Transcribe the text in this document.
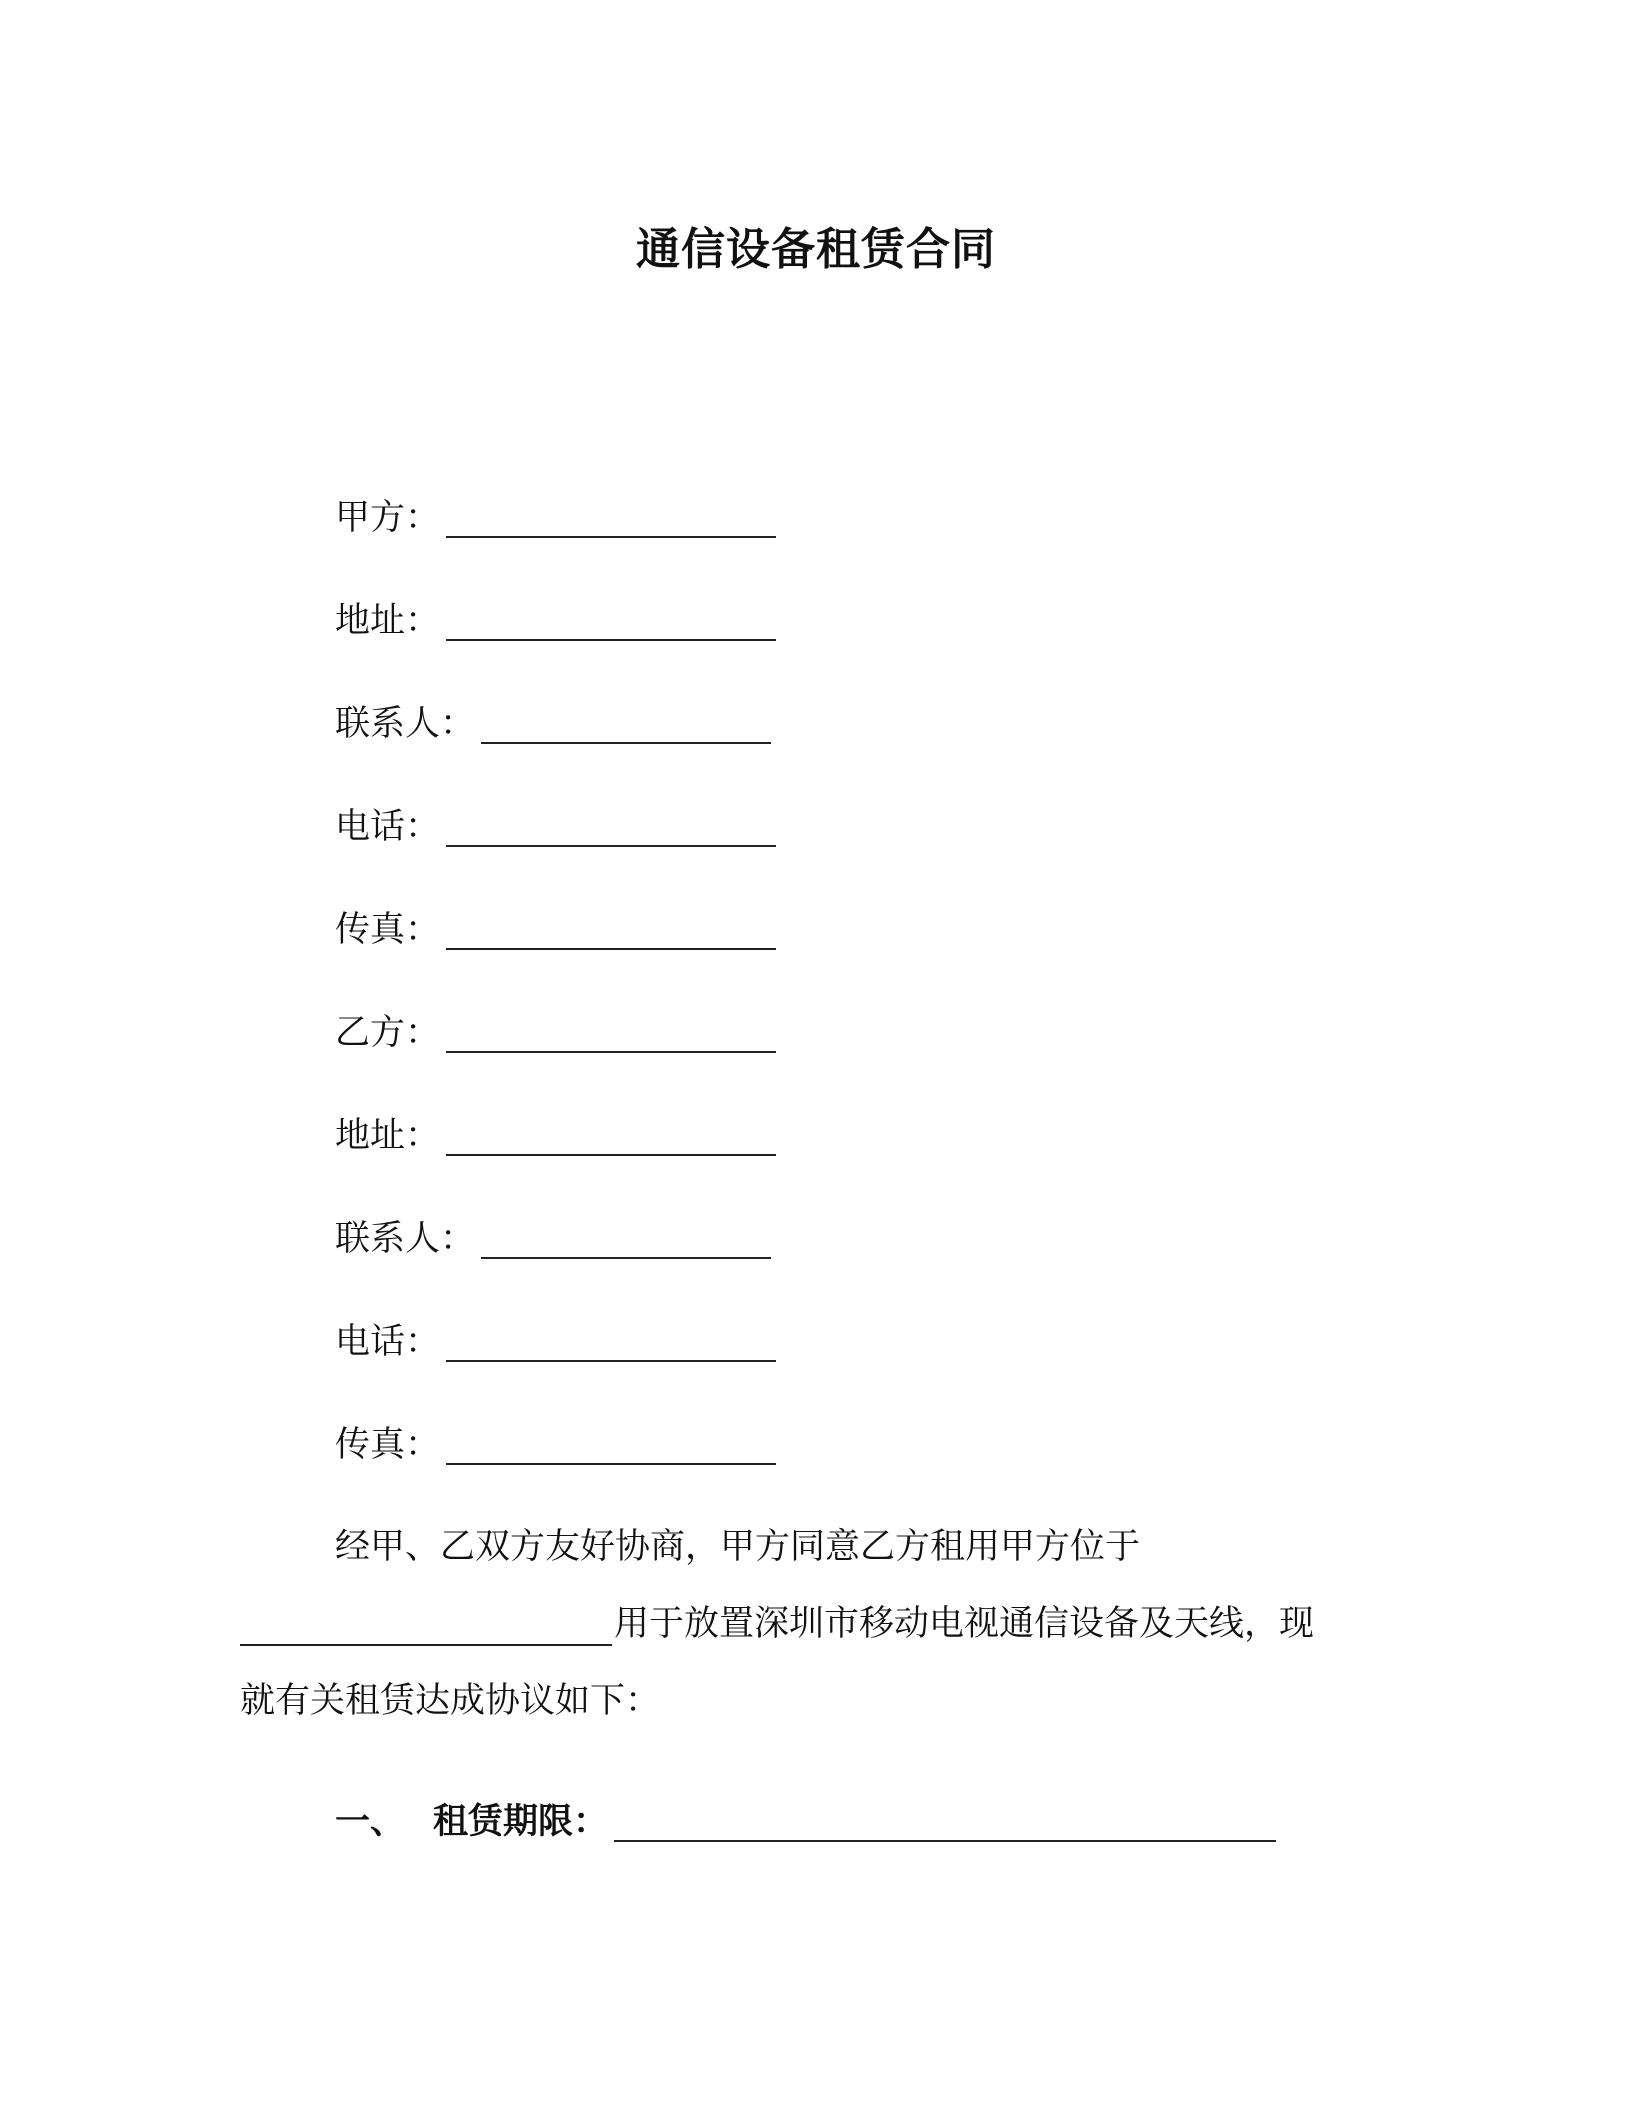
通信设备租赁合同
甲方：
地址：
联系人：
电话：
传真：
乙方：
地址：
联系人：
电话：
传真：
经甲、乙双方友好协商，甲方同意乙方租用甲方位于
用于放置深圳市移动电视通信设备及天线，现
就有关租赁达成协议如下：
一、 租赁期限：
